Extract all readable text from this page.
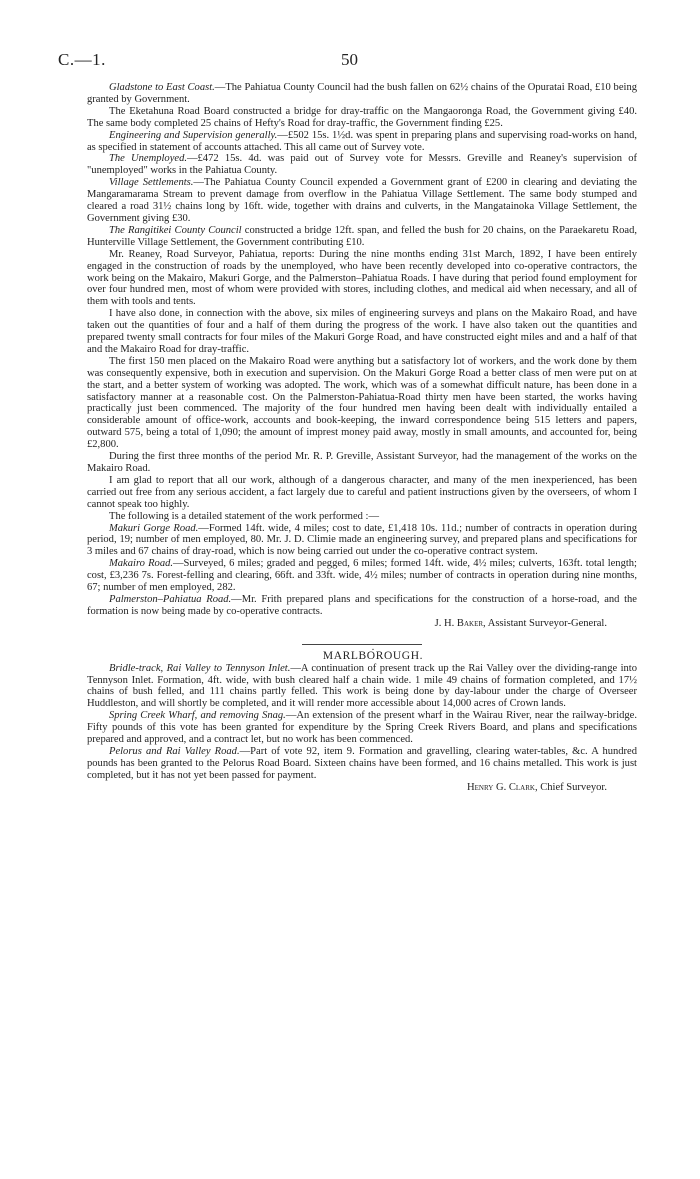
C.—1.	50

Gladstone to East Coast.—The Pahiatua County Council had the bush fallen on 62½ chains of the Opuratai Road, £10 being granted by Government.

The Eketahuna Road Board constructed a bridge for dray-traffic on the Mangaoronga Road, the Government giving £40. The same body completed 25 chains of Hefty's Road for dray-traffic, the Government finding £25.

Engineering and Supervision generally.—£502 15s. 1½d. was spent in preparing plans and supervising road-works on hand, as specified in statement of accounts attached. This all came out of Survey vote.

The Unemployed.—£472 15s. 4d. was paid out of Survey vote for Messrs. Greville and Reaney's supervision of "unemployed" works in the Pahiatua County.

Village Settlements.—The Pahiatua County Council expended a Government grant of £200 in clearing and deviating the Mangaramarama Stream to prevent damage from overflow in the Pahiatua Village Settlement. The same body stumped and cleared a road 31½ chains long by 16ft. wide, together with drains and culverts, in the Mangatainoka Village Settlement, the Government giving £30.

The Rangitikei County Council constructed a bridge 12ft. span, and felled the bush for 20 chains, on the Paraekaretu Road, Hunterville Village Settlement, the Government contributing £10.

Mr. Reaney, Road Surveyor, Pahiatua, reports: During the nine months ending 31st March, 1892, I have been entirely engaged in the construction of roads by the unemployed, who have been recently developed into co-operative contractors, the work being on the Makairo, Makuri Gorge, and the Palmerston–Pahiatua Roads. I have during that period found employment for over four hundred men, most of whom were provided with stores, including clothes, and medical aid when necessary, and all of them with tools and tents.

I have also done, in connection with the above, six miles of engineering surveys and plans on the Makairo Road, and have taken out the quantities of four and a half of them during the progress of the work. I have also taken out the quantities and prepared twenty small contracts for four miles of the Makuri Gorge Road, and have constructed eight miles and and a half of that and the Makairo Road for dray-traffic.

The first 150 men placed on the Makairo Road were anything but a satisfactory lot of workers, and the work done by them was consequently expensive, both in execution and supervision. On the Makuri Gorge Road a better class of men were put on at the start, and a better system of working was adopted. The work, which was of a somewhat difficult nature, has been done in a satisfactory manner at a reasonable cost. On the Palmerston-Pahiatua-Road thirty men have been started, the works having practically just been commenced. The majority of the four hundred men having been dealt with individually entailed a considerable amount of office-work, accounts and book-keeping, the inward correspondence being 515 letters and papers, outward 575, being a total of 1,090; the amount of imprest money paid away, mostly in small amounts, and accounted for, being £2,800.

During the first three months of the period Mr. R. P. Greville, Assistant Surveyor, had the management of the works on the Makairo Road.

I am glad to report that all our work, although of a dangerous character, and many of the men inexperienced, has been carried out free from any serious accident, a fact largely due to careful and patient instructions given by the overseers, of whom I cannot speak too highly.

The following is a detailed statement of the work performed :—

Makuri Gorge Road.—Formed 14ft. wide, 4 miles; cost to date, £1,418 10s. 11d.; number of contracts in operation during period, 19; number of men employed, 80. Mr. J. D. Climie made an engineering survey, and prepared plans and specifications for 3 miles and 67 chains of dray-road, which is now being carried out under the co-operative contract system.

Makairo Road.—Surveyed, 6 miles; graded and pegged, 6 miles; formed 14ft. wide, 4½ miles; culverts, 163ft. total length; cost, £3,236 7s. Forest-felling and clearing, 66ft. and 33ft. wide, 4½ miles; number of contracts in operation during nine months, 67; number of men employed, 282.

Palmerston–Pahiatua Road.—Mr. Frith prepared plans and specifications for the construction of a horse-road, and the formation is now being made by co-operative contracts.

J. H. Baker, Assistant Surveyor-General.

.

MARLBOROUGH.

Bridle-track, Rai Valley to Tennyson Inlet.—A continuation of present track up the Rai Valley over the dividing-range into Tennyson Inlet. Formation, 4ft. wide, with bush cleared half a chain wide. 1 mile 49 chains of formation completed, and 17½ chains of bush felled, and 111 chains partly felled. This work is being done by day-labour under the charge of Overseer Huddleston, and will shortly be completed, and it will render more accessible about 14,000 acres of Crown lands.

Spring Creek Wharf, and removing Snag.—An extension of the present wharf in the Wairau River, near the railway-bridge. Fifty pounds of this vote has been granted for expenditure by the Spring Creek Rivers Board, and plans and specifications prepared and approved, and a contract let, but no work has been commenced.

Pelorus and Rai Valley Road.—Part of vote 92, item 9. Formation and gravelling, clearing water-tables, &c. A hundred pounds has been granted to the Pelorus Road Board. Sixteen chains have been formed, and 16 chains metalled. This work is just completed, but it has not yet been passed for payment.

Henry G. Clark, Chief Surveyor.
